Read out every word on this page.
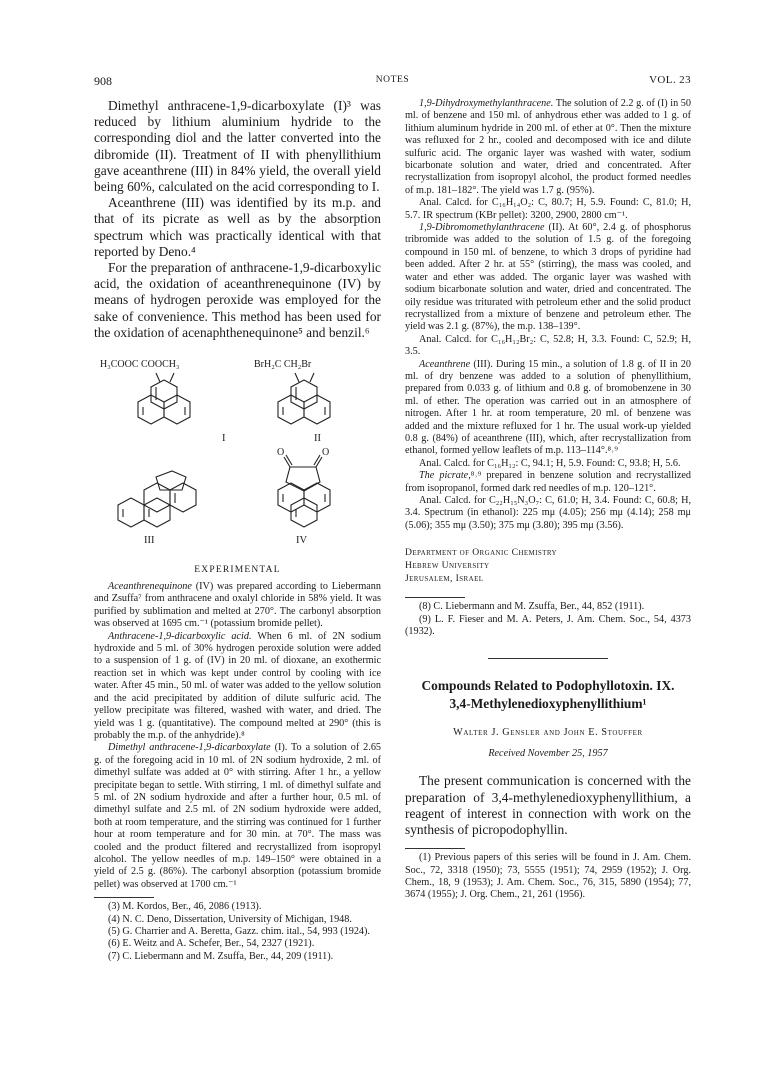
908	NOTES	VOL. 23

Dimethyl anthracene-1,9-dicarboxylate (I)³ was reduced by lithium aluminium hydride to the corresponding diol and the latter converted into the dibromide (II). Treatment of II with phenyllithium gave aceanthrene (III) in 84% yield, the overall yield being 60%, calculated on the acid corresponding to I.

Aceanthrene (III) was identified by its m.p. and that of its picrate as well as by the absorption spectrum which was practically identical with that reported by Deno.⁴

For the preparation of anthracene-1,9-dicarboxylic acid, the oxidation of aceanthrenequinone (IV) by means of hydrogen peroxide was employed for the sake of convenience. This method has been used for the oxidation of acenaphthenequinone⁵ and benzil.⁶

H₃COOC COOCH₃	BrH₂C CH₂Br
I	II
O	O
III	IV
EXPERIMENTAL

Aceanthrenequinone (IV) was prepared according to Liebermann and Zsuffa⁷ from anthracene and oxalyl chloride in 58% yield. It was purified by sublimation and melted at 270°. The carbonyl absorption was observed at 1695 cm.⁻¹ (potassium bromide pellet).

Anthracene-1,9-dicarboxylic acid. When 6 ml. of 2N sodium hydroxide and 5 ml. of 30% hydrogen peroxide solution were added to a suspension of 1 g. of (IV) in 20 ml. of dioxane, an exothermic reaction set in which was kept under control by cooling with ice water. After 45 min., 50 ml. of water was added to the yellow solution and the acid precipitated by addition of dilute sulfuric acid. The yellow precipitate was filtered, washed with water, and dried. The yield was 1 g. (quantitative). The compound melted at 290° (this is probably the m.p. of the anhydride).⁸

Dimethyl anthracene-1,9-dicarboxylate (I). To a solution of 2.65 g. of the foregoing acid in 10 ml. of 2N sodium hydroxide, 2 ml. of dimethyl sulfate was added at 0° with stirring. After 1 hr., a yellow precipitate began to settle. With stirring, 1 ml. of dimethyl sulfate and 5 ml. of 2N sodium hydroxide and after a further hour, 0.5 ml. of dimethyl sulfate and 2.5 ml. of 2N sodium hydroxide were added, both at room temperature, and the stirring was continued for 1 further hour at room temperature and for 30 min. at 70°. The mass was cooled and the product filtered and recrystallized from isopropyl alcohol. The yellow needles of m.p. 149–150° were obtained in a yield of 2.5 g. (86%). The carbonyl absorption (potassium bromide pellet) was observed at 1700 cm.⁻¹

(3) M. Kordos, Ber., 46, 2086 (1913).

(4) N. C. Deno, Dissertation, University of Michigan, 1948.

(5) G. Charrier and A. Beretta, Gazz. chim. ital., 54, 993 (1924).

(6) E. Weitz and A. Schefer, Ber., 54, 2327 (1921).

(7) C. Liebermann and M. Zsuffa, Ber., 44, 209 (1911).

1,9-Dihydroxymethylanthracene. The solution of 2.2 g. of (I) in 50 ml. of benzene and 150 ml. of anhydrous ether was added to 1 g. of lithium aluminum hydride in 200 ml. of ether at 0°. Then the mixture was refluxed for 2 hr., cooled and decomposed with ice and dilute sulfuric acid. The organic layer was washed with water, sodium bicarbonate solution and water, dried and concentrated. After recrystallization from isopropyl alcohol, the product formed needles of m.p. 181–182°. The yield was 1.7 g. (95%).

Anal. Calcd. for C₁₆H₁₄O₂: C, 80.7; H, 5.9. Found: C, 81.0; H, 5.7. IR spectrum (KBr pellet): 3200, 2900, 2800 cm⁻¹.

1,9-Dibromomethylanthracene (II). At 60°, 2.4 g. of phosphorus tribromide was added to the solution of 1.5 g. of the foregoing compound in 150 ml. of benzene, to which 3 drops of pyridine had been added. After 2 hr. at 55° (stirring), the mass was cooled, and water and ether was added. The organic layer was washed with sodium bicarbonate solution and water, dried and concentrated. The oily residue was triturated with petroleum ether and the solid product recrystallized from a mixture of benzene and petroleum ether. The yield was 2.1 g. (87%), the m.p. 138–139°.

Anal. Calcd. for C₁₆H₁₂Br₂: C, 52.8; H, 3.3. Found: C, 52.9; H, 3.5.

Aceanthrene (III). During 15 min., a solution of 1.8 g. of II in 20 ml. of dry benzene was added to a solution of phenyllithium, prepared from 0.033 g. of lithium and 0.8 g. of bromobenzene in 30 ml. of ether. The operation was carried out in an atmosphere of nitrogen. After 1 hr. at room temperature, 20 ml. of benzene was added and the mixture refluxed for 1 hr. The usual work-up yielded 0.8 g. (84%) of aceanthrene (III), which, after recrystallization from ethanol, formed yellow leaflets of m.p. 113–114°.⁸˒⁹

Anal. Calcd. for C₁₆H₁₂: C, 94.1; H, 5.9. Found: C, 93.8; H, 5.6.

The picrate,⁸˒⁹ prepared in benzene solution and recrystallized from isopropanol, formed dark red needles of m.p. 120–121°.

Anal. Calcd. for C₂₂H₁₅N₃O₇: C, 61.0; H, 3.4. Found: C, 60.8; H, 3.4. Spectrum (in ethanol): 225 mμ (4.05); 256 mμ (4.14); 258 mμ (5.06); 355 mμ (3.50); 375 mμ (3.80); 395 mμ (3.56).

Department of Organic Chemistry
Hebrew University
Jerusalem, Israel

(8) C. Liebermann and M. Zsuffa, Ber., 44, 852 (1911).

(9) L. F. Fieser and M. A. Peters, J. Am. Chem. Soc., 54, 4373 (1932).

Compounds Related to Podophyllotoxin. IX.
3,4-Methylenedioxyphenyllithium¹
Walter J. Gensler and John E. Stouffer
Received November 25, 1957

The present communication is concerned with the preparation of 3,4-methylenedioxyphenyllithium, a reagent of interest in connection with work on the synthesis of picropodophyllin.

(1) Previous papers of this series will be found in J. Am. Chem. Soc., 72, 3318 (1950); 73, 5555 (1951); 74, 2959 (1952); J. Org. Chem., 18, 9 (1953); J. Am. Chem. Soc., 76, 315, 5890 (1954); 77, 3674 (1955); J. Org. Chem., 21, 261 (1956).
